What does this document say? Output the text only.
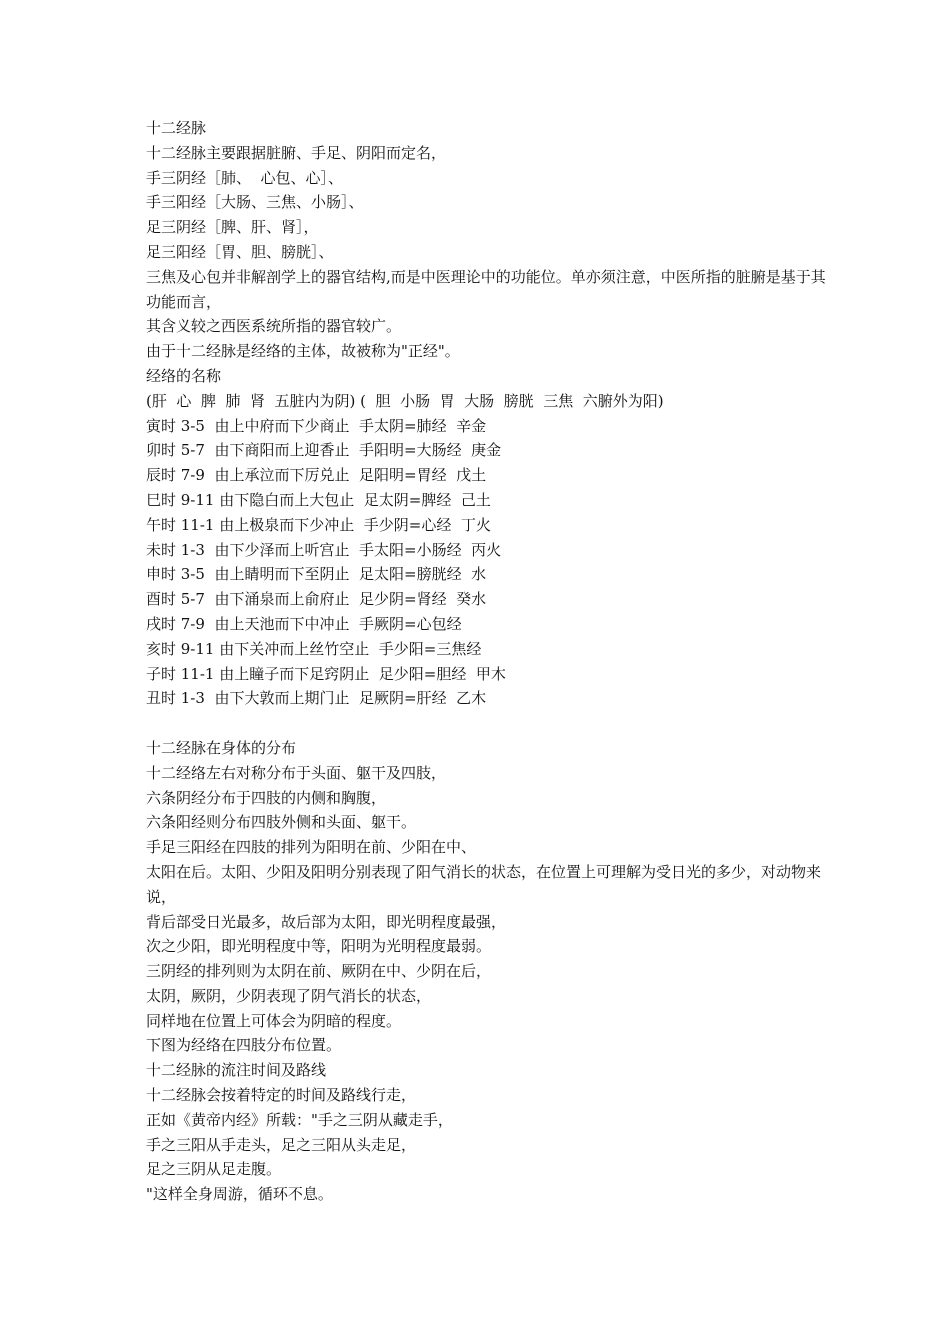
十二经脉
十二经脉主要跟据脏腑、手足、阴阳而定名，
手三阴经［肺、  心包、心］、
手三阳经［大肠、三焦、小肠］、
足三阴经［脾、肝、肾］，
足三阳经［胃、胆、膀胱］、
三焦及心包并非解剖学上的器官结构,而是中医理论中的功能位。单亦须注意，中医所指的脏腑是基于其功能而言，
其含义较之西医系统所指的器官较广。
由于十二经脉是经络的主体，故被称为"正经"。
经络的名称
(肝  心  脾  肺  肾  五脏内为阴) (  胆  小肠  胃  大肠  膀胱  三焦  六腑外为阳)
寅时 3-5  由上中府而下少商止  手太阴=肺经  辛金
卯时 5-7  由下商阳而上迎香止  手阳明=大肠经  庚金
辰时 7-9  由上承泣而下厉兑止  足阳明=胃经  戊土
巳时 9-11 由下隐白而上大包止  足太阴=脾经  己土
午时 11-1 由上极泉而下少冲止  手少阴=心经  丁火
未时 1-3  由下少泽而上听宫止  手太阳=小肠经  丙火
申时 3-5  由上睛明而下至阴止  足太阳=膀胱经  水
酉时 5-7  由下涌泉而上俞府止  足少阴=肾经  癸水
戌时 7-9  由上天池而下中冲止  手厥阴=心包经
亥时 9-11 由下关冲而上丝竹空止  手少阳=三焦经
子时 11-1 由上瞳子而下足窍阴止  足少阳=胆经  甲木
丑时 1-3  由下大敦而上期门止  足厥阴=肝经  乙木
十二经脉在身体的分布
十二经络左右对称分布于头面、躯干及四肢，
六条阴经分布于四肢的内侧和胸腹，
六条阳经则分布四肢外侧和头面、躯干。
手足三阳经在四肢的排列为阳明在前、少阳在中、
太阳在后。太阳、少阳及阳明分别表现了阳气消长的状态，在位置上可理解为受日光的多少，对动物来说，
背后部受日光最多，故后部为太阳，即光明程度最强，
次之少阳，即光明程度中等，阳明为光明程度最弱。
三阴经的排列则为太阴在前、厥阴在中、少阴在后，
太阴，厥阴，少阴表现了阴气消长的状态，
同样地在位置上可体会为阴暗的程度。
下图为经络在四肢分布位置。
十二经脉的流注时间及路线
十二经脉会按着特定的时间及路线行走，
正如《黄帝内经》所载："手之三阴从藏走手，
手之三阳从手走头，足之三阳从头走足，
足之三阴从足走腹。
"这样全身周游，循环不息。
